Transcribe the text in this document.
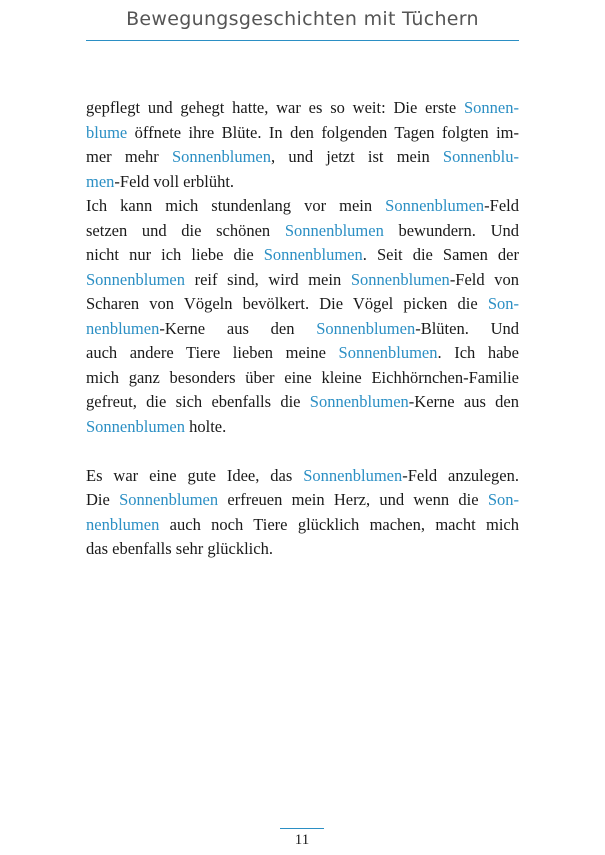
Bewegungsgeschichten mit Tüchern
gepflegt und gehegt hatte, war es so weit: Die erste Sonnen-
blume öffnete ihre Blüte. In den folgenden Tagen folgten im-
mer mehr Sonnenblumen, und jetzt ist mein Sonnenblu-
men-Feld voll erblüht.
Ich kann mich stundenlang vor mein Sonnenblumen-Feld
setzen und die schönen Sonnenblumen bewundern. Und
nicht nur ich liebe die Sonnenblumen. Seit die Samen der
Sonnenblumen reif sind, wird mein Sonnenblumen-Feld von
Scharen von Vögeln bevölkert. Die Vögel picken die Son-
nenblumen-Kerne aus den Sonnenblumen-Blüten. Und
auch andere Tiere lieben meine Sonnenblumen. Ich habe
mich ganz besonders über eine kleine Eichhörnchen-Familie
gefreut, die sich ebenfalls die Sonnenblumen-Kerne aus den
Sonnenblumen holte.
Es war eine gute Idee, das Sonnenblumen-Feld anzulegen.
Die Sonnenblumen erfreuen mein Herz, und wenn die Son-
nenblumen auch noch Tiere glücklich machen, macht mich
das ebenfalls sehr glücklich.
11
